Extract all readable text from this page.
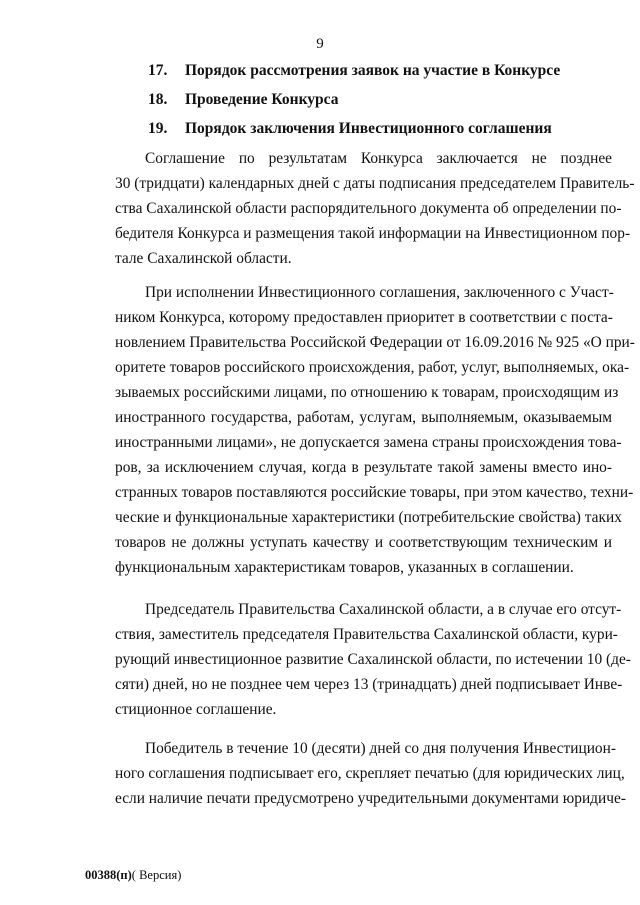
9
17. Порядок рассмотрения заявок на участие в Конкурсе
18. Проведение Конкурса
19. Порядок заключения Инвестиционного соглашения
Соглашение по результатам Конкурса заключается не позднее
30 (тридцати) календарных дней с даты подписания председателем Правитель-
ства Сахалинской области распорядительного документа об определении по-
бедителя Конкурса и размещения такой информации на Инвестиционном пор-
тале Сахалинской области.
При исполнении Инвестиционного соглашения, заключенного с Участ-
ником Конкурса, которому предоставлен приоритет в соответствии с поста-
новлением Правительства Российской Федерации от 16.09.2016 № 925 «О при-
оритете товаров российского происхождения, работ, услуг, выполняемых, ока-
зываемых российскими лицами, по отношению к товарам, происходящим из
иностранного государства, работам, услугам, выполняемым, оказываемым
иностранными лицами», не допускается замена страны происхождения това-
ров, за исключением случая, когда в результате такой замены вместо ино-
странных товаров поставляются российские товары, при этом качество, техни-
ческие и функциональные характеристики (потребительские свойства) таких
товаров не должны уступать качеству и соответствующим техническим и
функциональным характеристикам товаров, указанных в соглашении.
Председатель Правительства Сахалинской области, а в случае его отсут-
ствия, заместитель председателя Правительства Сахалинской области, кури-
рующий инвестиционное развитие Сахалинской области, по истечении 10 (де-
сяти) дней, но не позднее чем через 13 (тринадцать) дней подписывает Инве-
стиционное соглашение.
Победитель в течение 10 (десяти) дней со дня получения Инвестицион-
ного соглашения подписывает его, скрепляет печатью (для юридических лиц,
если наличие печати предусмотрено учредительными документами юридиче-
00388(п)( Версия)
